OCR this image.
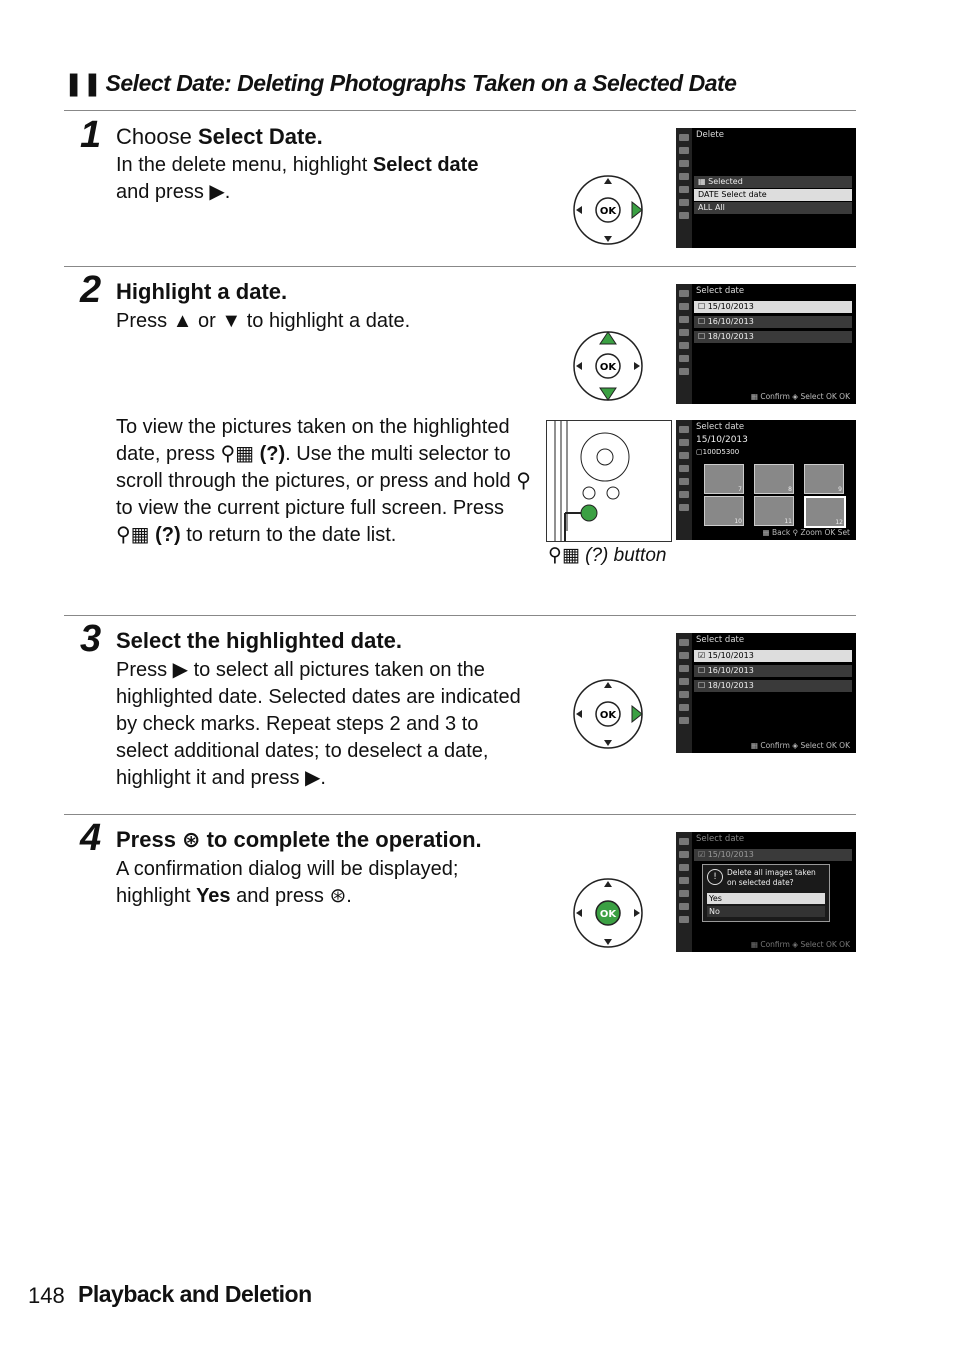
❚❚ Select Date: Deleting Photographs Taken on a Selected Date
1 Choose Select Date.
In the delete menu, highlight Select date
and press ▶.
OK
Delete
▦ Selected
DATE Select date
ALL All
2 Highlight a date.
Press ▲ or ▼ to highlight a date.
OK
Select date
☐ 15/10/2013
☐ 16/10/2013
☐ 18/10/2013
▦ Confirm ◈ Select OK OK
To view the pictures taken on the highlighted date, press ⚲▦ (?). Use the multi selector to scroll through the pictures, or press and hold ⚲ to view the current picture full screen. Press ⚲▦ (?) to return to the date list.
⚲▦ (?) button
Select date
15/10/2013
▢100D5300
7	8	9
10	11	12
▦ Back ⚲ Zoom OK Set
3 Select the highlighted date.
Press ▶ to select all pictures taken on the highlighted date. Selected dates are indicated by check marks. Repeat steps 2 and 3 to select additional dates; to deselect a date, highlight it and press ▶.
OK
Select date
☑ 15/10/2013
☐ 16/10/2013
☐ 18/10/2013
▦ Confirm ◈ Select OK OK
4 Press ⊛ to complete the operation.
A confirmation dialog will be displayed; highlight Yes and press ⊛.
OK
Select date
☑ 15/10/2013
!	Delete all images taken on selected date?
Yes
No
▦ Confirm ◈ Select OK OK
148 Playback and Deletion
